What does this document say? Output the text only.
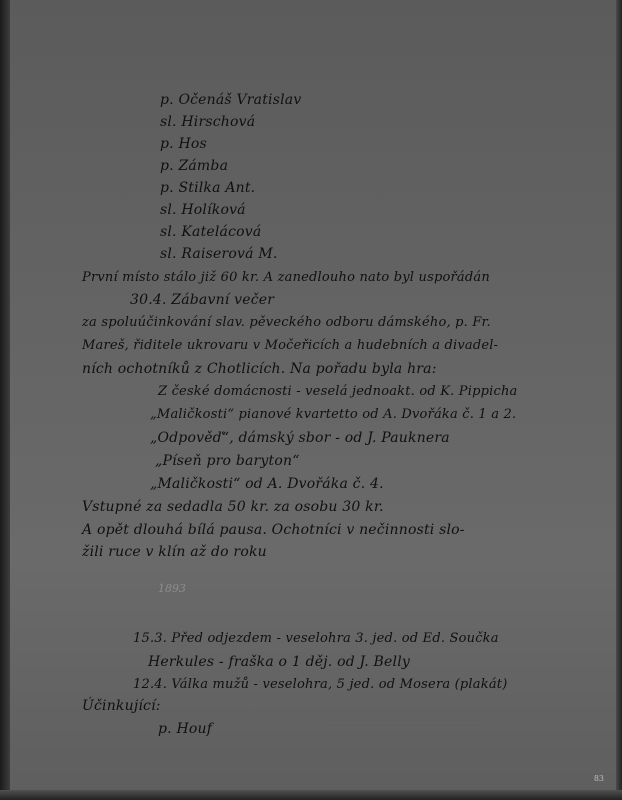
p. Očenáš Vratislav
sl. Hirschová
p. Hos
p. Zámba
p. Stilka Ant.
sl. Holíková
sl. Katelácová
sl. Raiserová M.
První místo stálo již 60 kr. A zanedlouho nato byl uspořádán
30.4. Zábavní večer
za spoluúčinkování slav. pěveckého odboru dámského, p. Fr.
Mareš, řiditele ukrovaru v Močeřicích a hudebních a divadel-
ních ochotníků z Chotlicích. Na pořadu byla hra:
Z české domácnosti - veselá jednoakt. od K. Pippicha
„Maličkosti“ pianové kvartetto od A. Dvořáka č. 1 a 2.
„Odpověď“, dámský sbor - od J. Pauknera
„Píseň pro baryton“
„Maličkosti“ od A. Dvořáka č. 4.
Vstupné za sedadla 50 kr. za osobu 30 kr.
A opět dlouhá bílá pausa. Ochotníci v nečinnosti slo-
žili ruce v klín až do roku
1893
15.3. Před odjezdem - veselohra 3. jed. od Ed. Součka
Herkules - fraška o 1 děj. od J. Belly
12.4. Válka mužů - veselohra, 5 jed. od Mosera (plakát)
Účinkující:
p. Houf
83
